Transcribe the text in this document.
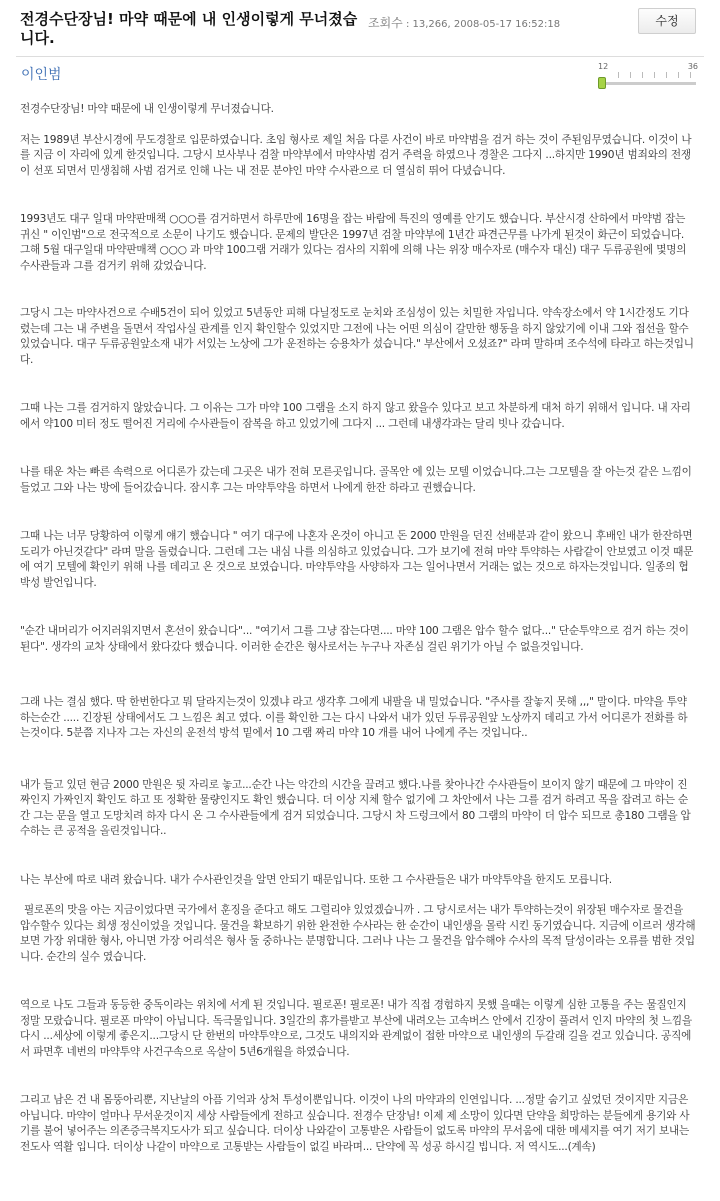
전경수단장님! 마약 때문에 내 인생이렇게 무너졌습니다.
조회수 : 13,266, 2008-05-17 16:52:18	수정
이인범
12	36

전경수단장님! 마약 때문에 내 인생이렇게 무너졌습니다.

저는 1989년 부산시경에 무도경찰로 입문하였습니다. 초임 형사로 제일 처음 다룬 사건이 바로 마약범을 검거 하는 것이 주된임무였습니다. 이것이 나를 지금 이 자리에 있게 한것입니다. 그당시 보사부나 검찰 마약부에서 마약사범 검거 주력을 하였으나 경찰은 그다지 ...하지만 1990년 범죄와의 전쟁이 선포 되면서 민생침해 사범 검거로 인해 나는 내 전문 분야인 마약 수사관으로 더 열심히 뛰어 다녔습니다.

1993년도 대구 일대 마약판매책 ○○○를 검거하면서 하루만에 16명을 잡는 바람에 특진의 영예를 안기도 했습니다. 부산시경 산하에서 마약범 잡는 귀신 " 이인범"으로 전국적으로 소문이 나기도 했습니다. 문제의 발단은 1997년 검찰 마약부에 1년간 파견근무를 나가게 된것이 화근이 되었습니다. 그해 5월 대구일대 마약판매책 ○○○ 과 마약 100그램 거래가 있다는 검사의 지휘에 의해 나는 위장 매수자로 (매수자 대신) 대구 두류공원에 몇명의 수사관들과 그를 검거키 위해 갔었습니다.

그당시 그는 마약사건으로 수배5건이 되어 있었고 5년동안 피해 다닐정도로 눈치와 조심성이 있는 치밀한 자입니다. 약속장소에서 약 1시간정도 기다렸는데 그는 내 주변을 돌면서 작업사실 관계를 인지 확인할수 있었지만 그전에 나는 어떤 의심이 갈만한 행동을 하지 않았기에 이내 그와 접선을 할수 있었습니다. 대구 두류공원앞소재 내가 서있는 노상에 그가 운전하는 승용차가 섰습니다." 부산에서 오셨죠?" 라며 말하며 조수석에 타라고 하는것입니다.

그때 나는 그를 검거하지 않았습니다. 그 이유는 그가 마약 100 그램을 소지 하지 않고 왔을수 있다고 보고 차분하게 대처 하기 위해서 입니다. 내 자리 에서 약100 미터 정도 떨어진 거리에 수사관들이 잠복을 하고 있었기에 그다지 ... 그런데 내생각과는 달리 빗나 갔습니다.

나를 태운 차는 빠른 속력으로 어디론가 갔는데 그곳은 내가 전혀 모른곳입니다. 골목안 에 있는 모텔 이었습니다.그는 그모텔을 잘 아는것 같은 느낌이 들었고 그와 나는 방에 들어갔습니다. 잠시후 그는 마약투약을 하면서 나에게 한잔 하라고 권했습니다.

그때 나는 너무 당황하여 이렇게 얘기 했습니다 " 여기 대구에 나혼자 온것이 아니고 돈 2000 만원을 던진 선배분과 같이 왔으니 후배인 내가 한잔하면 도리가 아닌것같다" 라며 말을 돌렸습니다. 그런데 그는 내심 나를 의심하고 있었습니다. 그가 보기에 전혀 마약 투약하는 사람같이 안보였고 이것 때문에 여기 모텔에 확인키 위해 나를 데리고 온 것으로 보였습니다. 마약투약을 사양하자 그는 일어나면서 거래는 없는 것으로 하자는것입니다. 일종의 협박성 발언입니다.

"순간 내머리가 어지러워지면서 혼선이 왔습니다"... "여기서 그를 그냥 잡는다면.... 마약 100 그램은 압수 할수 없다..." 단순투약으로 검거 하는 것이 된다". 생각의 교차 상태에서 왔다갔다 했습니다. 이러한 순간은 형사로서는 누구나 자존심 걸린 위기가 아닐 수 없을것입니다.

그래 나는 결심 했다. 딱 한번한다고 뭐 달라지는것이 있겠냐 라고 생각후 그에게 내팔을 내 밀었습니다. "주사를 잘놓지 못해 ,,," 말이다. 마약을 투약하는순간 ..... 긴장된 상태에서도 그 느낌은 최고 였다. 이를 확인한 그는 다시 나와서 내가 있던 두류공원앞 노상까지 데리고 가서 어디론가 전화를 하는것이다. 5분쯤 지나자 그는 자신의 운전석 방석 밑에서 10 그램 짜리 마약 10 개를 내어 나에게 주는 것입니다..

내가 들고 있던 현금 2000 만원은 뒷 자리로 놓고...순간 나는 악간의 시간을 끌려고 했다.나를 찾아나간 수사관들이 보이지 않기 때문에 그 마약이 진짜인지 가짜인지 확인도 하고 또 정확한 물량인지도 확인 했습니다. 더 이상 지체 할수 없기에 그 차안에서 나는 그를 검거 하려고 목을 잡려고 하는 순간 그는 문을 열고 도망치려 하자 다시 온 그 수사관들에게 검거 되었습니다. 그당시 차 드렁크에서 80 그램의 마약이 더 압수 되므로 총180 그램을 압수하는 큰 공적을 올린것입니다..

나는 부산에 따로 내려 왔습니다. 내가 수사관인것을 알면 안되기 때문입니다. 또한 그 수사관들은 내가 마약투약을 한지도 모릅니다.

필로폰의 맛을 아는 지금이었다면 국가에서 훈징을 준다고 해도 그럴리야 있었겠습니까 . 그 당시로서는 내가 투약하는것이 위장된 매수자로 물건을 압수할수 있다는 희생 정신이었을 것입니다. 물건을 확보하기 위한 완전한 수사라는 한 순간이 내인생을 몰락 시킨 동기였습니다. 지금에 이르러 생각해보면 가장 위대한 형사, 아니면 가장 어리석은 형사 둘 중하나는 분명합니다. 그러나 나는 그 물건을 압수해야 수사의 목적 달성이라는 오류를 범한 것입니다. 순간의 실수 였습니다.

역으로 나도 그들과 동등한 중독이라는 위치에 서게 된 것입니다. 필로폰! 필로폰! 내가 직접 경험하지 못했 을때는 이렇게 심한 고통을 주는 물질인지 정말 모랐습니다. 필로폰 마약이 아닙니다. 독극물입니다. 3일간의 휴가를받고 부산에 내려오는 고속버스 안에서 긴장이 풀려서 인지 마약의 첫 느낌을 다시 ...세상에 이렇게 좋은지...그당시 단 한번의 마약투약으로, 그것도 내의지와 관계없이 접한 마약으로 내인생의 두갈래 길을 걷고 있습니다. 공직에서 파면후 네번의 마약투약 사건구속으로 옥살이 5년6개월을 하였습니다.

그리고 남은 건 내 몸뚱아리뿐, 지난날의 아픔 기억과 상처 투성이뿐입니다. 이것이 나의 마약과의 인연입니다. ...정말 숨기고 싶었던 것이지만 지금은 아닙니다. 마약이 얼마나 무서운것이지 세상 사람들에게 전하고 싶습니다. 전경수 단장님! 이제 제 소망이 있다면 단약을 희망하는 분들에게 용기와 사기를 불어 넣어주는 의존증극복지도사가 되고 싶습니다. 더이상 나와같이 고통받은 사람들이 없도록 마약의 무서움에 대한 메세지를 여기 저기 보내는 전도사 역활 입니다. 더이상 나같이 마약으로 고통받는 사람들이 없길 바라며... 단약에 꼭 성공 하시길 빕니다. 저 역시도...(계속)
